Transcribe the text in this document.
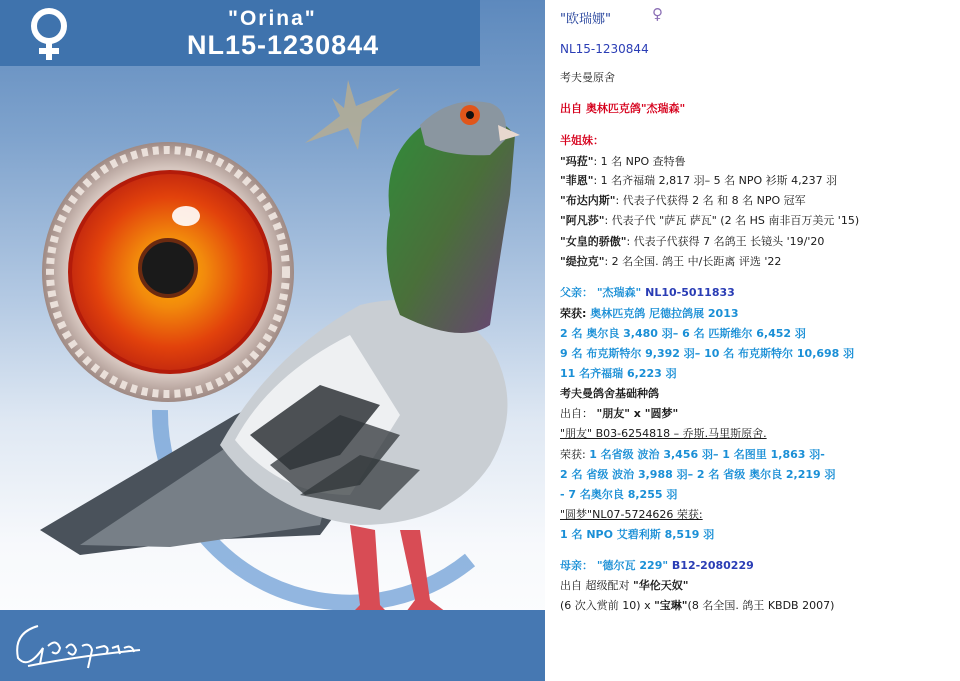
"Orina"
NL15-1230844
"欧瑞娜"	♀
NL15-1230844
考夫曼原舍
出自 奥林匹克鸽"杰瑞森"
半姐妹：
"玛菈": 1 名 NPO 查特鲁
"菲恩": 1 名齐福瑞 2,817 羽– 5 名 NPO 衫斯 4,237 羽
"布达内斯": 代表子代获得 2 名 和 8 名 NPO 冠军
"阿凡莎": 代表子代 "萨瓦 萨瓦" (2 名 HS 南非百万美元 '15)
"女皇的骄傲": 代表子代获得 7 名鸽王 长镜头 '19/'20
"缇拉克": 2 名全国. 鸽王 中/长距离 评选 '22
父亲： "杰瑞森" NL10-5011833
荣获: 奥林匹克鸽 尼德拉鸽展 2013
2 名 奥尔良 3,480 羽– 6 名 匹斯维尔 6,452 羽
9 名 布克斯特尔 9,392 羽– 10 名 布克斯特尔 10,698 羽
11 名齐福瑞 6,223 羽
考夫曼鸽舍基础种鸽
出自： "朋友" x "圆梦"
"朋友" B03-6254818 – 乔斯.马里斯原舍.
荣获: 1 名省级 波治 3,456 羽– 1 名图里 1,863 羽-
2 名 省级 波治 3,988 羽– 2 名 省级 奥尔良 2,219 羽
- 7 名奥尔良 8,255 羽
"圆梦"NL07-5724626 荣获:
1 名 NPO 艾碧利斯 8,519 羽
母亲： "德尔瓦 229" B12-2080229
出自 超级配对 "华伦天奴"
(6 次入赏前 10) x "宝琳"(8 名全国. 鸽王 KBDB 2007)
